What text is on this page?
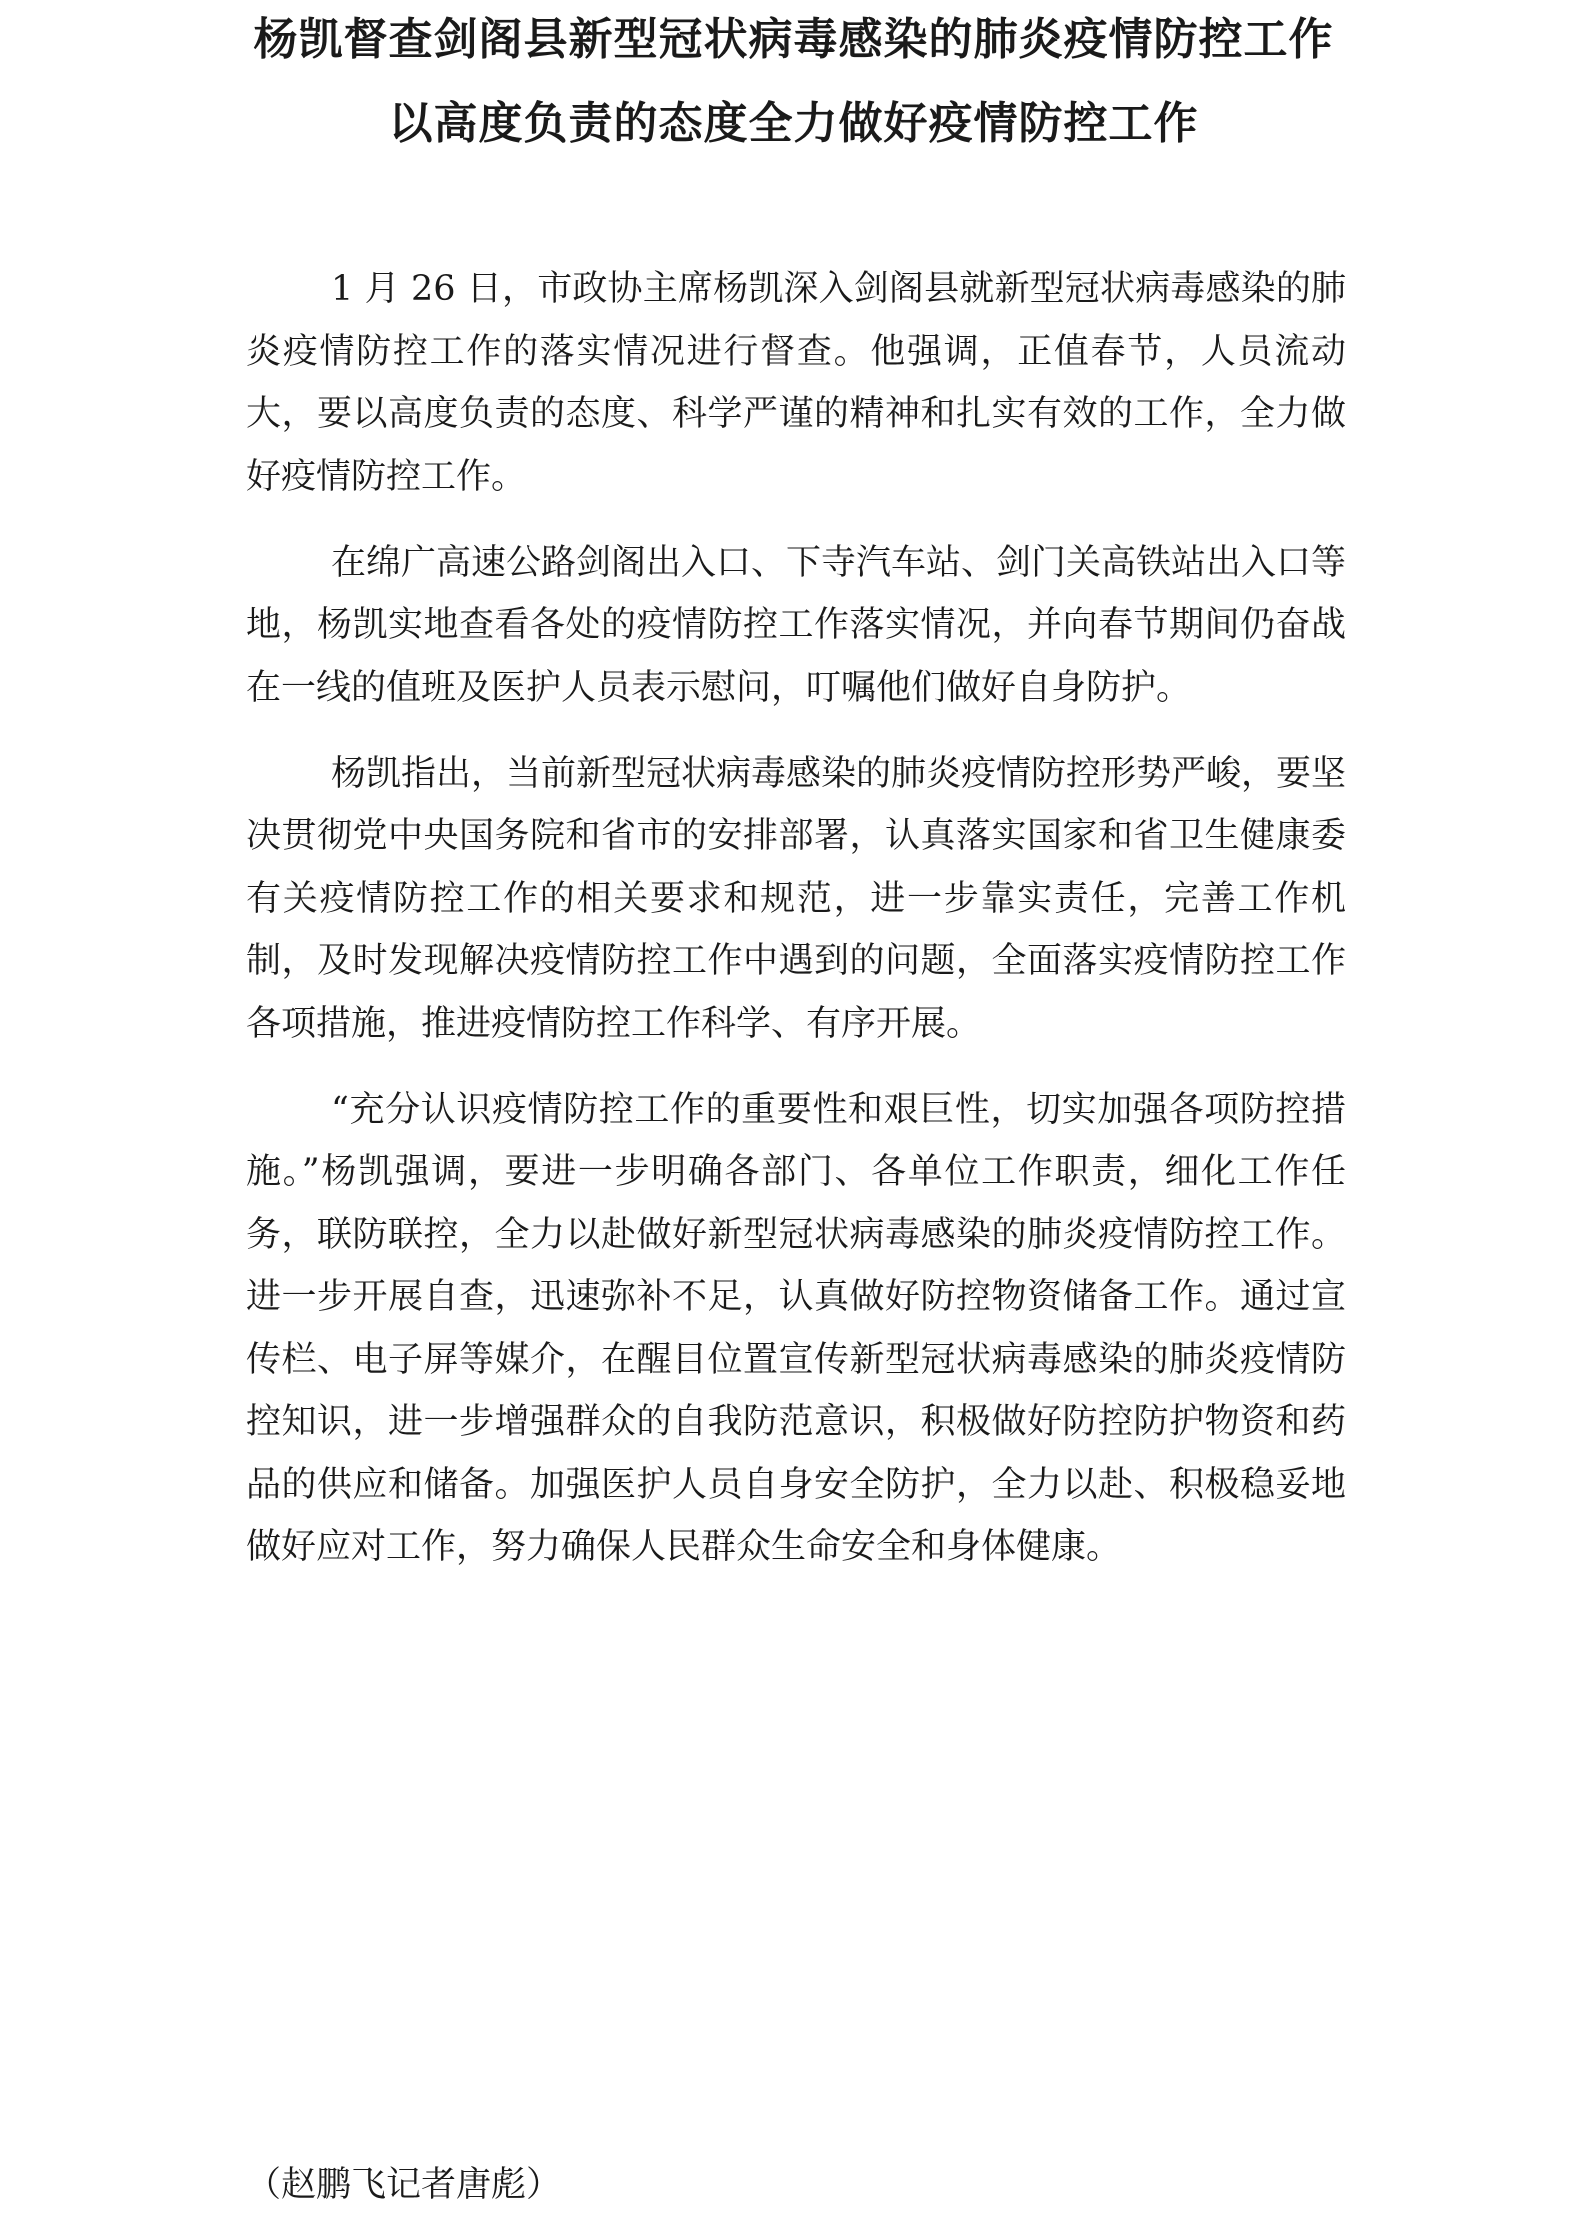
杨凯督查剑阁县新型冠状病毒感染的肺炎疫情防控工作
以高度负责的态度全力做好疫情防控工作

1 月 26 日，市政协主席杨凯深入剑阁县就新型冠状病毒感染的肺炎疫情防控工作的落实情况进行督查。他强调，正值春节，人员流动大，要以高度负责的态度、科学严谨的精神和扎实有效的工作，全力做好疫情防控工作。

在绵广高速公路剑阁出入口、下寺汽车站、剑门关高铁站出入口等地，杨凯实地查看各处的疫情防控工作落实情况，并向春节期间仍奋战在一线的值班及医护人员表示慰问，叮嘱他们做好自身防护。

杨凯指出，当前新型冠状病毒感染的肺炎疫情防控形势严峻，要坚决贯彻党中央国务院和省市的安排部署，认真落实国家和省卫生健康委有关疫情防控工作的相关要求和规范，进一步靠实责任，完善工作机制，及时发现解决疫情防控工作中遇到的问题，全面落实疫情防控工作各项措施，推进疫情防控工作科学、有序开展。

“充分认识疫情防控工作的重要性和艰巨性，切实加强各项防控措施。”杨凯强调，要进一步明确各部门、各单位工作职责，细化工作任务，联防联控，全力以赴做好新型冠状病毒感染的肺炎疫情防控工作。进一步开展自查，迅速弥补不足，认真做好防控物资储备工作。通过宣传栏、电子屏等媒介，在醒目位置宣传新型冠状病毒感染的肺炎疫情防控知识，进一步增强群众的自我防范意识，积极做好防控防护物资和药品的供应和储备。加强医护人员自身安全防护，全力以赴、积极稳妥地做好应对工作，努力确保人民群众生命安全和身体健康。

（赵鹏飞记者唐彪）
